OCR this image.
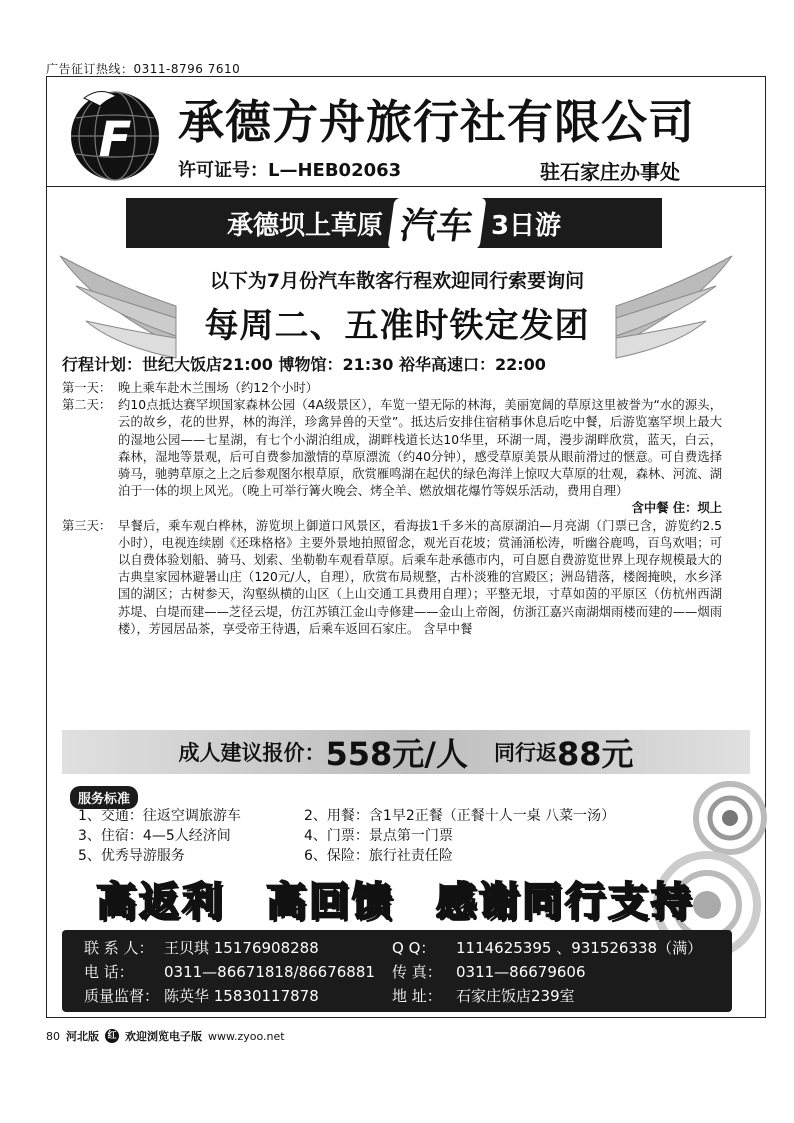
广告征订热线：0311-8796 7610
F 承德方舟旅行社有限公司
许可证号：L—HEB02063	驻石家庄办事处
承德坝上草原 汽车 3日游
以下为7月份汽车散客行程欢迎同行索要询问
每周二、五准时铁定发团
行程计划：世纪大饭店21:00 博物馆：21:30 裕华高速口：22:00
第一天： 晚上乘车赴木兰围场（约12个小时）
第二天： 约10点抵达赛罕坝国家森林公园（4A级景区），车览一望无际的林海，美丽宽阔的草原这里被誉为“水的源头，云的故乡，花的世界，林的海洋，珍禽异兽的天堂”。抵达后安排住宿稍事休息后吃中餐，后游览塞罕坝上最大的湿地公园——七星湖，有七个小湖泊组成，湖畔栈道长达10华里，环湖一周，漫步湖畔欣赏，蓝天，白云，森林，湿地等景观，后可自费参加激情的草原漂流（约40分钟），感受草原美景从眼前滑过的惬意。可自费选择骑马，驰骋草原之上之后参观图尔根草原，欣赏雁鸣湖在起伏的绿色海洋上惊叹大草原的壮观，森林、河流、湖泊于一体的坝上风光。（晚上可举行篝火晚会、烤全羊、燃放烟花爆竹等娱乐活动，费用自理）
含中餐 住：坝上
第三天： 早餐后，乘车观白桦林，游览坝上御道口风景区，看海拔1千多米的高原湖泊—月亮湖（门票已含，游览约2.5小时），电视连续剧《还珠格格》主要外景地拍照留念，观光百花坡；赏涌涌松涛，听幽谷鹿鸣，百鸟欢唱；可以自费体验划船、骑马、划索、坐勒勒车观看草原。后乘车赴承德市内，可自愿自费游览世界上现存规模最大的古典皇家园林避暑山庄（120元/人，自理），欣赏布局规整，古朴淡雅的宫殿区；洲岛错落，楼阁掩映，水乡泽国的湖区；古树参天，沟壑纵横的山区（上山交通工具费用自理）；平整无垠，寸草如茵的平原区（仿杭州西湖苏堤、白堤而建——芝径云堤，仿江苏镇江金山寺修建——金山上帝阁，仿浙江嘉兴南湖烟雨楼而建的——烟雨楼），芳园居品茶，享受帝王待遇，后乘车返回石家庄。 含早中餐
成人建议报价： 558元/人 同行返 88元
服务标准
1、交通：往返空调旅游车	2、用餐：含1早2正餐（正餐十人一桌 八菜一汤）
3、住宿：4—5人经济间	4、门票：景点第一门票
5、优秀导游服务	6、保险：旅行社责任险
高返利 高回馈 感谢同行支持
联 系 人： 王贝琪 15176908288	Q Q：	1114625395 、931526338（满）
电 话：	0311—86671818/86676881	传 真： 0311—86679606
质量监督： 陈英华 15830117878	地 址： 石家庄饭店239室
80 河北版 红 欢迎浏览电子版 www.zyoo.net
